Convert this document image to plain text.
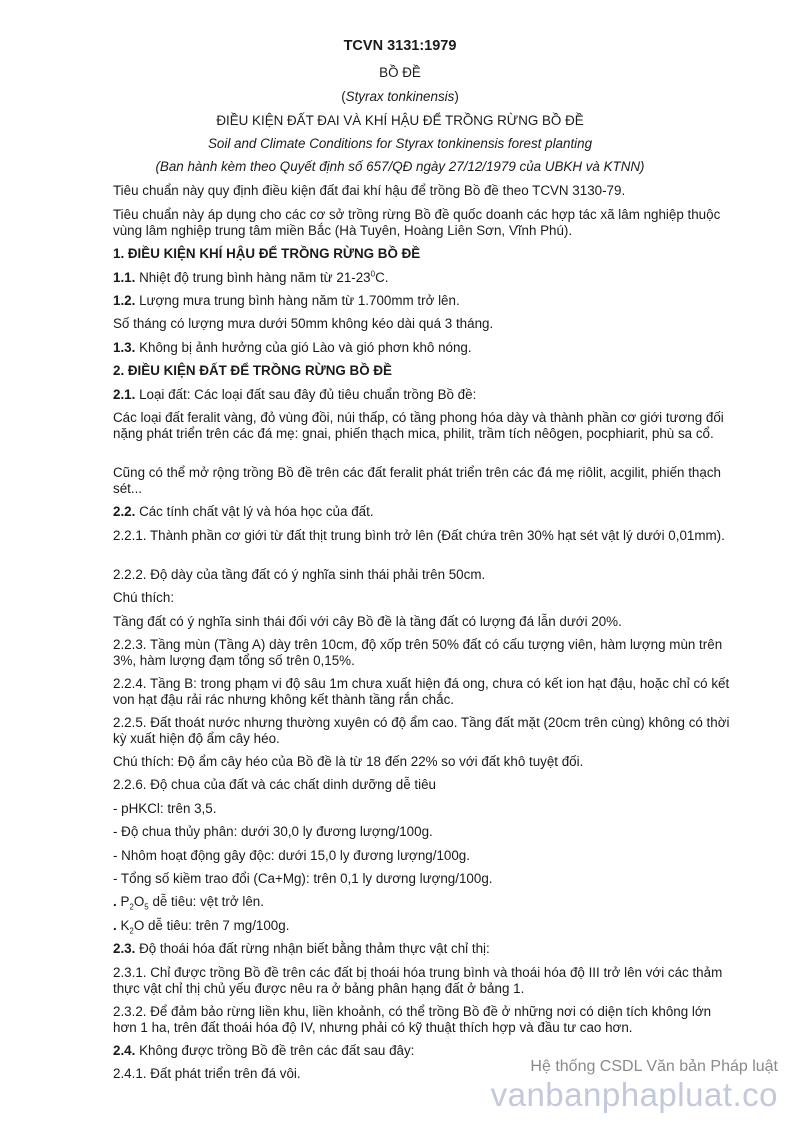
TCVN 3131:1979

BỒ ĐỀ

(Styrax tonkinensis)

ĐIỀU KIỆN ĐẤT ĐAI VÀ KHÍ HẬU ĐỂ TRỒNG RỪNG BỒ ĐỀ

Soil and Climate Conditions for Styrax tonkinensis forest planting

(Ban hành kèm theo Quyết định số 657/QĐ ngày 27/12/1979 của UBKH và KTNN)

Tiêu chuẩn này quy định điều kiện đất đai khí hậu để trồng Bồ đề theo TCVN 3130-79.

Tiêu chuẩn này áp dụng cho các cơ sở trồng rừng Bồ đề quốc doanh các hợp tác xã lâm nghiệp thuộc vùng lâm nghiệp trung tâm miền Bắc (Hà Tuyên, Hoàng Liên Sơn, Vĩnh Phú).

1. ĐIỀU KIỆN KHÍ HẬU ĐỂ TRỒNG RỪNG BỒ ĐỀ

1.1. Nhiệt độ trung bình hàng năm từ $21-23^0C$.

1.2. Lượng mưa trung bình hàng năm từ 1.700mm trở lên.

Số tháng có lượng mưa dưới 50mm không kéo dài quá 3 tháng.

1.3. Không bị ảnh hưởng của gió Lào và gió phơn khô nóng.

2. ĐIỀU KIỆN ĐẤT ĐỂ TRỒNG RỪNG BỒ ĐỀ

2.1. Loại đất: Các loại đất sau đây đủ tiêu chuẩn trồng Bồ đề:

Các loại đất feralit vàng, đỏ vùng đồi, núi thấp, có tầng phong hóa dày và thành phần cơ giới tương đối nặng phát triển trên các đá mẹ: gnai, phiến thạch mica, philit, trầm tích nêôgen, pocphiarit, phù sa cổ.

Cũng có thể mở rộng trồng Bồ đề trên các đất feralit phát triển trên các đá mẹ riôlit, acgilit, phiến thạch sét...

2.2. Các tính chất vật lý và hóa học của đất.

2.2.1. Thành phần cơ giới từ đất thịt trung bình trở lên (Đất chứa trên 30% hạt sét vật lý dưới 0,01mm).

2.2.2. Độ dày của tầng đất có ý nghĩa sinh thái phải trên 50cm.

Chú thích:

Tầng đất có ý nghĩa sinh thái đối với cây Bồ đề là tầng đất có lượng đá lẫn dưới 20%.

2.2.3. Tầng mùn (Tầng A) dày trên 10cm, độ xốp trên 50% đất có cấu tượng viên, hàm lượng mùn trên 3%, hàm lượng đạm tổng số trên 0,15%.

2.2.4. Tầng B: trong phạm vi độ sâu 1m chưa xuất hiện đá ong, chưa có kết ion hạt đậu, hoặc chỉ có kết von hạt đậu rải rác nhưng không kết thành tầng rắn chắc.

2.2.5. Đất thoát nước nhưng thường xuyên có độ ẩm cao. Tầng đất mặt (20cm trên cùng) không có thời kỳ xuất hiện độ ẩm cây héo.

Chú thích: Độ ẩm cây héo của Bồ đề là từ 18 đến 22% so với đất khô tuyệt đối.

2.2.6. Độ chua của đất và các chất dinh dưỡng dễ tiêu

- pHKCl: trên 3,5.

- Độ chua thủy phân: dưới 30,0 ly đương lượng/100g.

- Nhôm hoạt động gây độc: dưới 15,0 ly đương lượng/100g.

- Tổng số kiềm trao đổi (Ca+Mg): trên 0,1 ly dương lượng/100g.

. $P_2O_5$ dễ tiêu: vệt trở lên.

. $K_2O$ dễ tiêu: trên 7 mg/100g.

2.3. Độ thoái hóa đất rừng nhận biết bằng thảm thực vật chỉ thị:

2.3.1. Chỉ được trồng Bồ đề trên các đất bị thoái hóa trung bình và thoái hóa độ III trở lên với các thảm thực vật chỉ thị chủ yếu được nêu ra ở bảng phân hạng đất ở bảng 1.

2.3.2. Để đảm bảo rừng liền khu, liền khoảnh, có thể trồng Bồ đề ở những nơi có diện tích không lớn hơn 1 ha, trên đất thoái hóa độ IV, nhưng phải có kỹ thuật thích hợp và đầu tư cao hơn.

2.4. Không được trồng Bồ đề trên các đất sau đây:

2.4.1. Đất phát triển trên đá vôi.	Hệ thống CSDL Văn bản Pháp luật
vanbanphapluat.co
